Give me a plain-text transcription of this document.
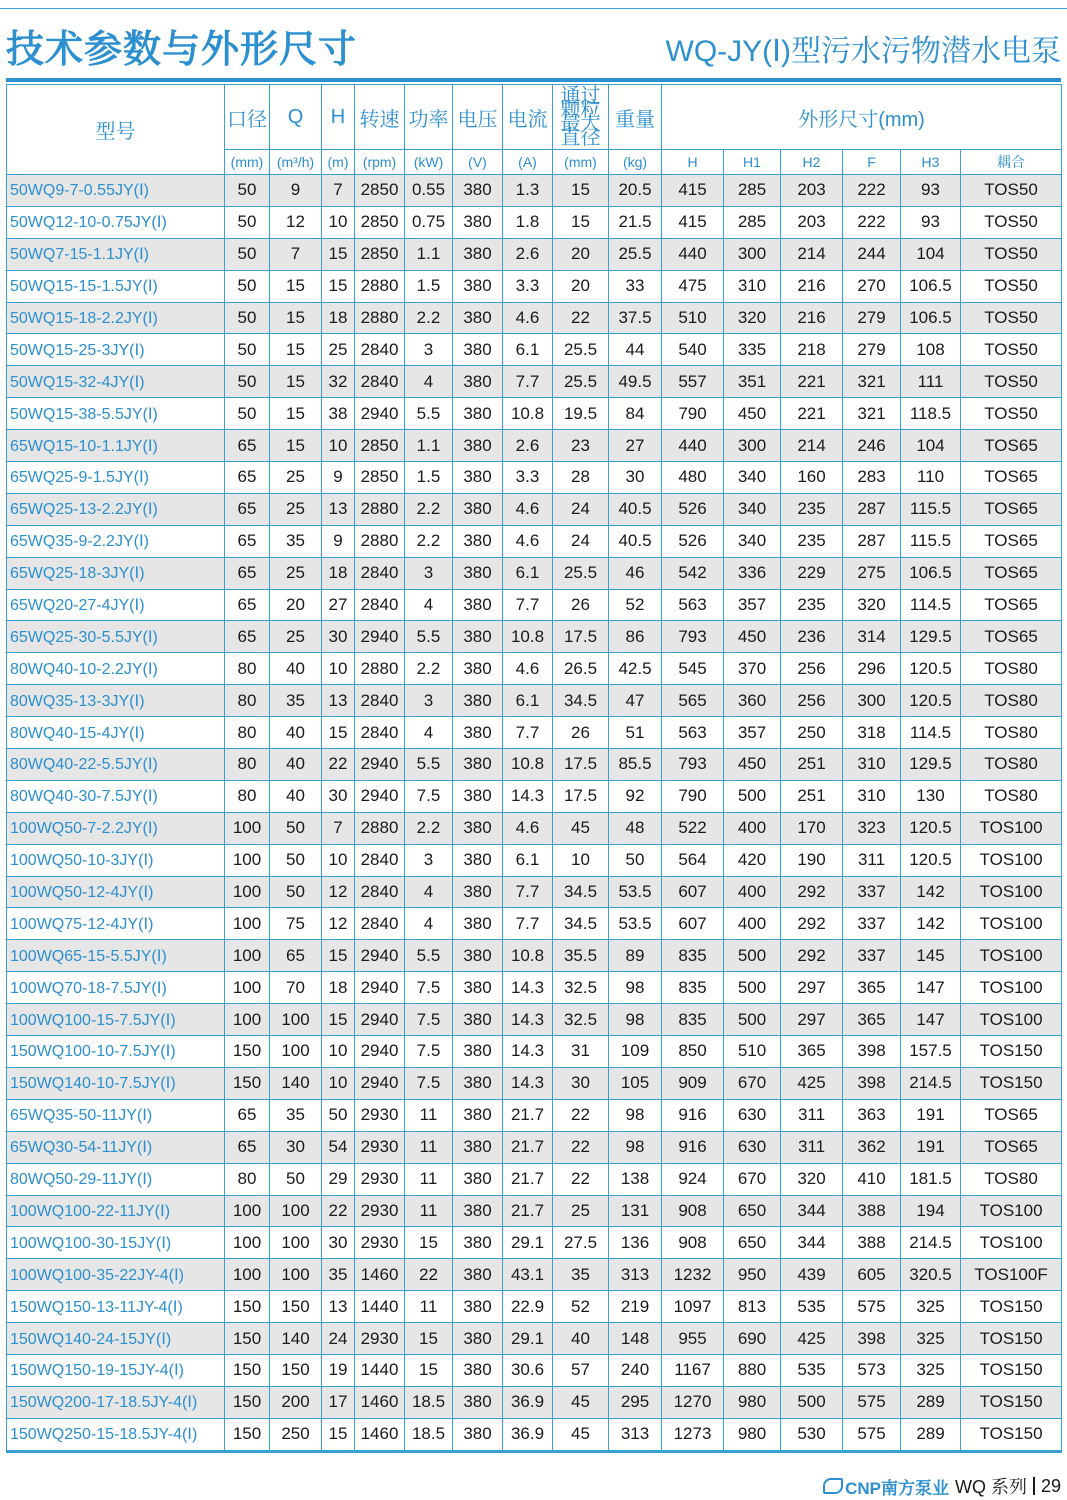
技术参数与外形尺寸	WQ-JY(Ⅰ)型污水污物潜水电泵
型号	口径	Q	H	转速	功率	电压	电流	通过颗粒最大直径	重量	外形尺寸(mm)					
	(mm)	(m³/h)	(m)	(rpm)	(kW)	(V)	(A)	(mm)	(kg)	H	H1	H2	F	H3	耦合
50WQ9-7-0.55JY(Ⅰ)	50	9	7	2850	0.55	380	1.3	15	20.5	415	285	203	222	93	TOS50
50WQ12-10-0.75JY(Ⅰ)	50	12	10	2850	0.75	380	1.8	15	21.5	415	285	203	222	93	TOS50
50WQ7-15-1.1JY(Ⅰ)	50	7	15	2850	1.1	380	2.6	20	25.5	440	300	214	244	104	TOS50
50WQ15-15-1.5JY(Ⅰ)	50	15	15	2880	1.5	380	3.3	20	33	475	310	216	270	106.5	TOS50
50WQ15-18-2.2JY(Ⅰ)	50	15	18	2880	2.2	380	4.6	22	37.5	510	320	216	279	106.5	TOS50
50WQ15-25-3JY(Ⅰ)	50	15	25	2840	3	380	6.1	25.5	44	540	335	218	279	108	TOS50
50WQ15-32-4JY(Ⅰ)	50	15	32	2840	4	380	7.7	25.5	49.5	557	351	221	321	111	TOS50
50WQ15-38-5.5JY(Ⅰ)	50	15	38	2940	5.5	380	10.8	19.5	84	790	450	221	321	118.5	TOS50
65WQ15-10-1.1JY(Ⅰ)	65	15	10	2850	1.1	380	2.6	23	27	440	300	214	246	104	TOS65
65WQ25-9-1.5JY(Ⅰ)	65	25	9	2850	1.5	380	3.3	28	30	480	340	160	283	110	TOS65
65WQ25-13-2.2JY(Ⅰ)	65	25	13	2880	2.2	380	4.6	24	40.5	526	340	235	287	115.5	TOS65
65WQ35-9-2.2JY(Ⅰ)	65	35	9	2880	2.2	380	4.6	24	40.5	526	340	235	287	115.5	TOS65
65WQ25-18-3JY(Ⅰ)	65	25	18	2840	3	380	6.1	25.5	46	542	336	229	275	106.5	TOS65
65WQ20-27-4JY(Ⅰ)	65	20	27	2840	4	380	7.7	26	52	563	357	235	320	114.5	TOS65
65WQ25-30-5.5JY(Ⅰ)	65	25	30	2940	5.5	380	10.8	17.5	86	793	450	236	314	129.5	TOS65
80WQ40-10-2.2JY(Ⅰ)	80	40	10	2880	2.2	380	4.6	26.5	42.5	545	370	256	296	120.5	TOS80
80WQ35-13-3JY(Ⅰ)	80	35	13	2840	3	380	6.1	34.5	47	565	360	256	300	120.5	TOS80
80WQ40-15-4JY(Ⅰ)	80	40	15	2840	4	380	7.7	26	51	563	357	250	318	114.5	TOS80
80WQ40-22-5.5JY(Ⅰ)	80	40	22	2940	5.5	380	10.8	17.5	85.5	793	450	251	310	129.5	TOS80
80WQ40-30-7.5JY(Ⅰ)	80	40	30	2940	7.5	380	14.3	17.5	92	790	500	251	310	130	TOS80
100WQ50-7-2.2JY(Ⅰ)	100	50	7	2880	2.2	380	4.6	45	48	522	400	170	323	120.5	TOS100
100WQ50-10-3JY(Ⅰ)	100	50	10	2840	3	380	6.1	10	50	564	420	190	311	120.5	TOS100
100WQ50-12-4JY(Ⅰ)	100	50	12	2840	4	380	7.7	34.5	53.5	607	400	292	337	142	TOS100
100WQ75-12-4JY(Ⅰ)	100	75	12	2840	4	380	7.7	34.5	53.5	607	400	292	337	142	TOS100
100WQ65-15-5.5JY(Ⅰ)	100	65	15	2940	5.5	380	10.8	35.5	89	835	500	292	337	145	TOS100
100WQ70-18-7.5JY(Ⅰ)	100	70	18	2940	7.5	380	14.3	32.5	98	835	500	297	365	147	TOS100
100WQ100-15-7.5JY(Ⅰ)	100	100	15	2940	7.5	380	14.3	32.5	98	835	500	297	365	147	TOS100
150WQ100-10-7.5JY(Ⅰ)	150	100	10	2940	7.5	380	14.3	31	109	850	510	365	398	157.5	TOS150
150WQ140-10-7.5JY(Ⅰ)	150	140	10	2940	7.5	380	14.3	30	105	909	670	425	398	214.5	TOS150
65WQ35-50-11JY(Ⅰ)	65	35	50	2930	11	380	21.7	22	98	916	630	311	363	191	TOS65
65WQ30-54-11JY(Ⅰ)	65	30	54	2930	11	380	21.7	22	98	916	630	311	362	191	TOS65
80WQ50-29-11JY(Ⅰ)	80	50	29	2930	11	380	21.7	22	138	924	670	320	410	181.5	TOS80
100WQ100-22-11JY(Ⅰ)	100	100	22	2930	11	380	21.7	25	131	908	650	344	388	194	TOS100
100WQ100-30-15JY(Ⅰ)	100	100	30	2930	15	380	29.1	27.5	136	908	650	344	388	214.5	TOS100
100WQ100-35-22JY-4(Ⅰ)	100	100	35	1460	22	380	43.1	35	313	1232	950	439	605	320.5	TOS100F
150WQ150-13-11JY-4(Ⅰ)	150	150	13	1440	11	380	22.9	52	219	1097	813	535	575	325	TOS150
150WQ140-24-15JY(Ⅰ)	150	140	24	2930	15	380	29.1	40	148	955	690	425	398	325	TOS150
150WQ150-19-15JY-4(Ⅰ)	150	150	19	1440	15	380	30.6	57	240	1167	880	535	573	325	TOS150
150WQ200-17-18.5JY-4(Ⅰ)	150	200	17	1460	18.5	380	36.9	45	295	1270	980	500	575	289	TOS150
150WQ250-15-18.5JY-4(Ⅰ)	150	250	15	1460	18.5	380	36.9	45	313	1273	980	530	575	289	TOS150
CNP南方泵业 WQ 系列 29
